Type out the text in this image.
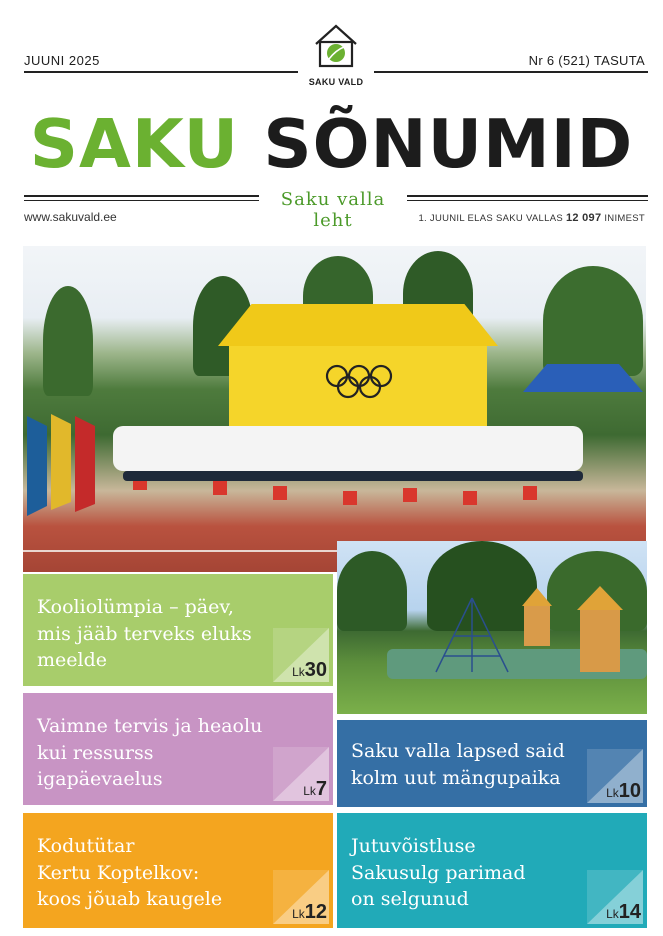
JUUNI 2025
SAKU VALD
Nr 6 (521) TASUTA
SAKU SÕNUMID
Saku valla leht
www.sakuvald.ee	1. JUUNIL ELAS SAKU VALLAS 12 097 INIMEST
Kooliolümpia – päev,
mis jääb terveks eluks
meelde
Lk30
Vaimne tervis ja heaolu
kui ressurss
igapäevaelus
Lk7
Saku valla lapsed said
kolm uut mängupaika
Lk10
Kodutütar
Kertu Koptelkov:
koos jõuab kaugele
Lk12
Jutuvõistluse
Sakusulg parimad
on selgunud
Lk14
